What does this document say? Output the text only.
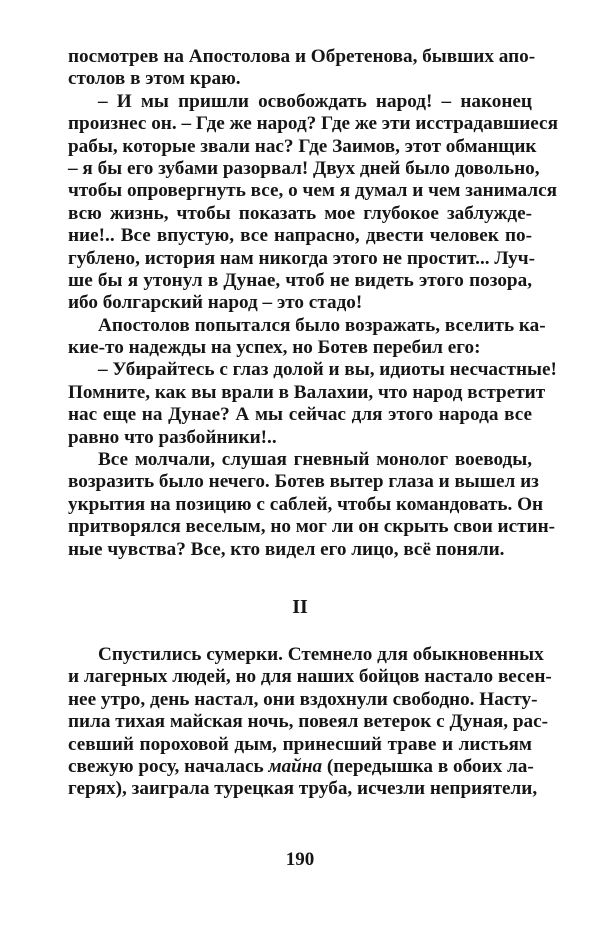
посмотрев на Апостолова и Обретенова, бывших апо-
столов в этом краю.
– И мы пришли освобождать народ! – наконец
произнес он. – Где же народ? Где же эти исстрадавшиеся
рабы, которые звали нас? Где Заимов, этот обманщик
– я бы его зубами разорвал! Двух дней было довольно,
чтобы опровергнуть все, о чем я думал и чем занимался
всю жизнь, чтобы показать мое глубокое заблужде-
ние!.. Все впустую, все напрасно, двести человек по-
гублено, история нам никогда этого не простит... Луч-
ше бы я утонул в Дунае, чтоб не видеть этого позора,
ибо болгарский народ – это стадо!
Апостолов попытался было возражать, вселить ка-
кие-то надежды на успех, но Ботев перебил его:
– Убирайтесь с глаз долой и вы, идиоты несчастные!
Помните, как вы врали в Валахии, что народ встретит
нас еще на Дунае? А мы сейчас для этого народа все
равно что разбойники!..
Все молчали, слушая гневный монолог воеводы,
возразить было нечего. Ботев вытер глаза и вышел из
укрытия на позицию с саблей, чтобы командовать. Он
притворялся веселым, но мог ли он скрыть свои истин-
ные чувства? Все, кто видел его лицо, всё поняли.
II
Спустились сумерки. Стемнело для обыкновенных
и лагерных людей, но для наших бойцов настало весен-
нее утро, день настал, они вздохнули свободно. Насту-
пила тихая майская ночь, повеял ветерок с Дуная, рас-
севший пороховой дым, принесший траве и листьям
свежую росу, началась майна (передышка в обоих ла-
герях), заиграла турецкая труба, исчезли неприятели,
190
